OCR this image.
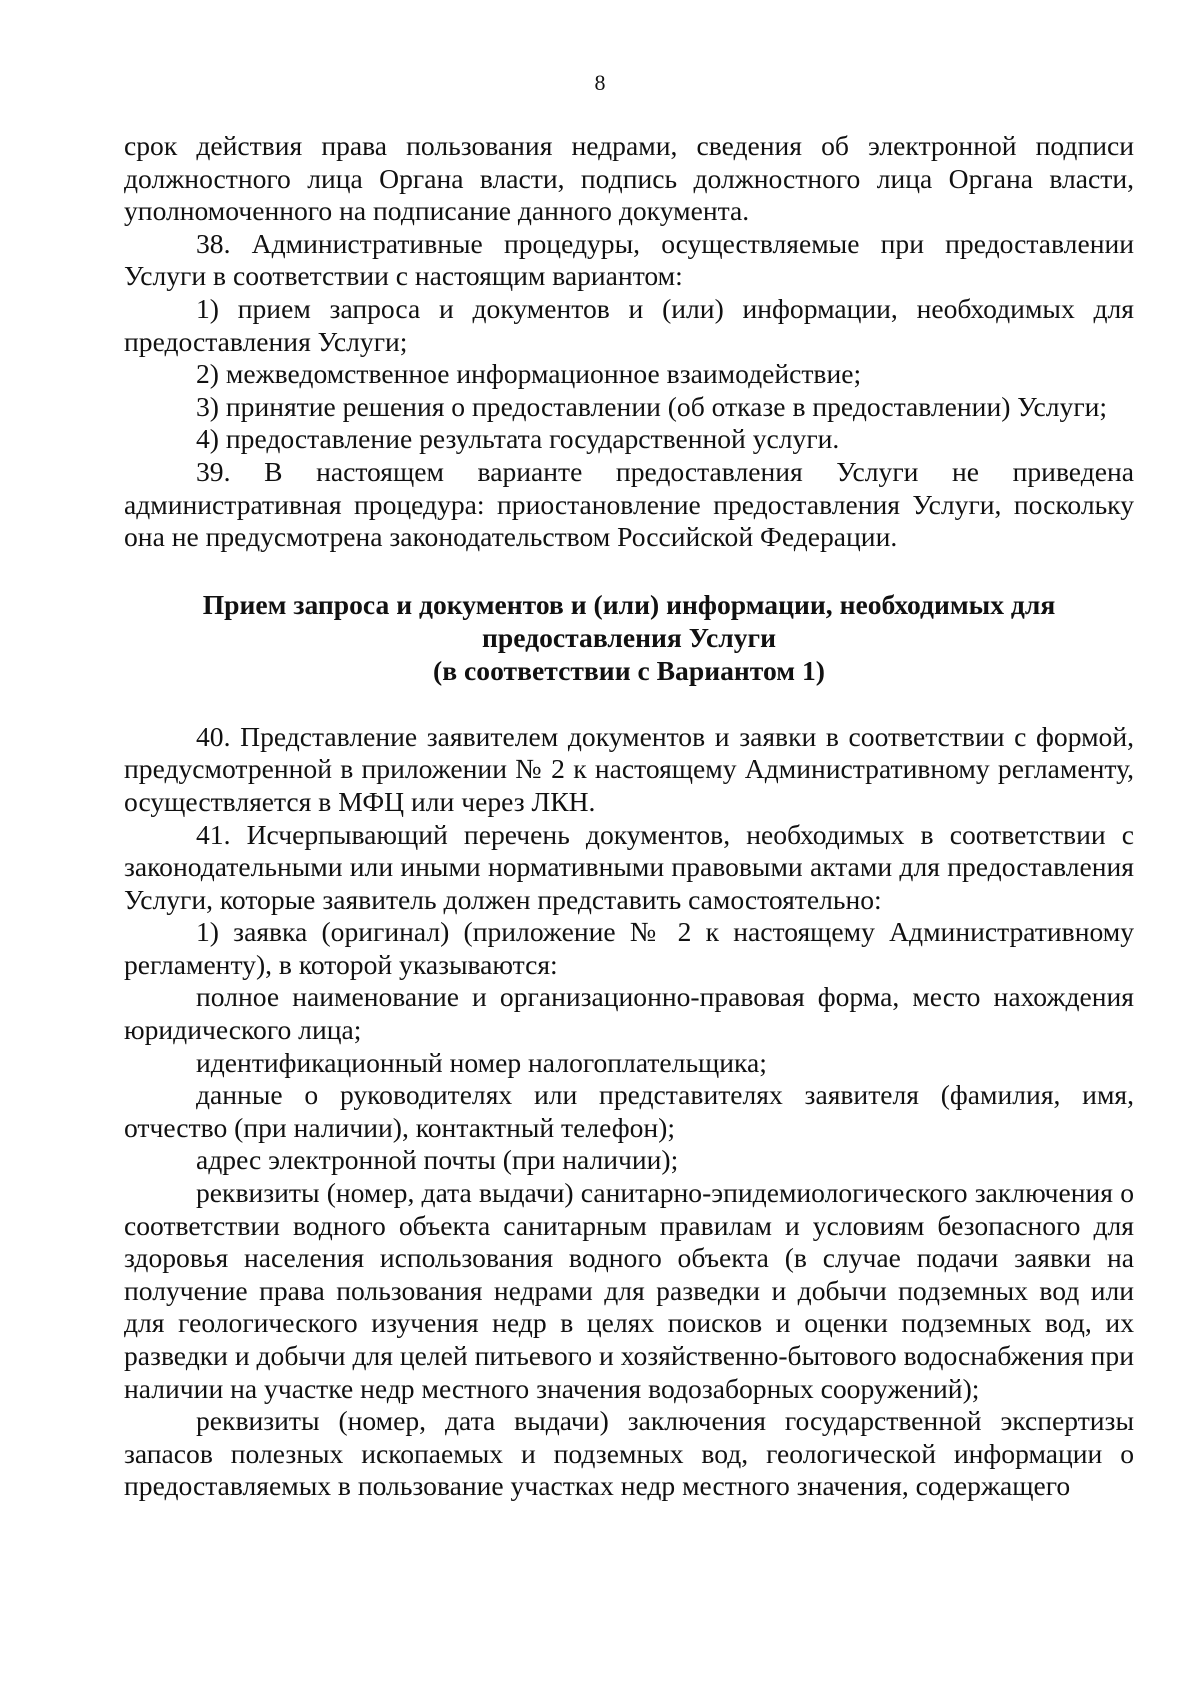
8

срок действия права пользования недрами, сведения об электронной подписи должностного лица Органа власти, подпись должностного лица Органа власти, уполномоченного на подписание данного документа.

38. Административные процедуры, осуществляемые при предоставлении Услуги в соответствии с настоящим вариантом:

1) прием запроса и документов и (или) информации, необходимых для предоставления Услуги;

2) межведомственное информационное взаимодействие;

3) принятие решения о предоставлении (об отказе в предоставлении) Услуги;

4) предоставление результата государственной услуги.

39. В настоящем варианте предоставления Услуги не приведена административная процедура: приостановление предоставления Услуги, поскольку она не предусмотрена законодательством Российской Федерации.

Прием запроса и документов и (или) информации, необходимых для
предоставления Услуги
(в соответствии с Вариантом 1)

40. Представление заявителем документов и заявки в соответствии с формой, предусмотренной в приложении № 2 к настоящему Административному регламенту, осуществляется в МФЦ или через ЛКН.

41. Исчерпывающий перечень документов, необходимых в соответствии с законодательными или иными нормативными правовыми актами для предоставления Услуги, которые заявитель должен представить самостоятельно:

1) заявка (оригинал) (приложение № 2 к настоящему Административному регламенту), в которой указываются:

полное наименование и организационно-правовая форма, место нахождения юридического лица;

идентификационный номер налогоплательщика;

данные о руководителях или представителях заявителя (фамилия, имя, отчество (при наличии), контактный телефон);

адрес электронной почты (при наличии);

реквизиты (номер, дата выдачи) санитарно-эпидемиологического заключения о соответствии водного объекта санитарным правилам и условиям безопасного для здоровья населения использования водного объекта (в случае подачи заявки на получение права пользования недрами для разведки и добычи подземных вод или для геологического изучения недр в целях поисков и оценки подземных вод, их разведки и добычи для целей питьевого и хозяйственно-бытового водоснабжения при наличии на участке недр местного значения водозаборных сооружений);

реквизиты (номер, дата выдачи) заключения государственной экспертизы запасов полезных ископаемых и подземных вод, геологической информации о предоставляемых в пользование участках недр местного значения, содержащего
